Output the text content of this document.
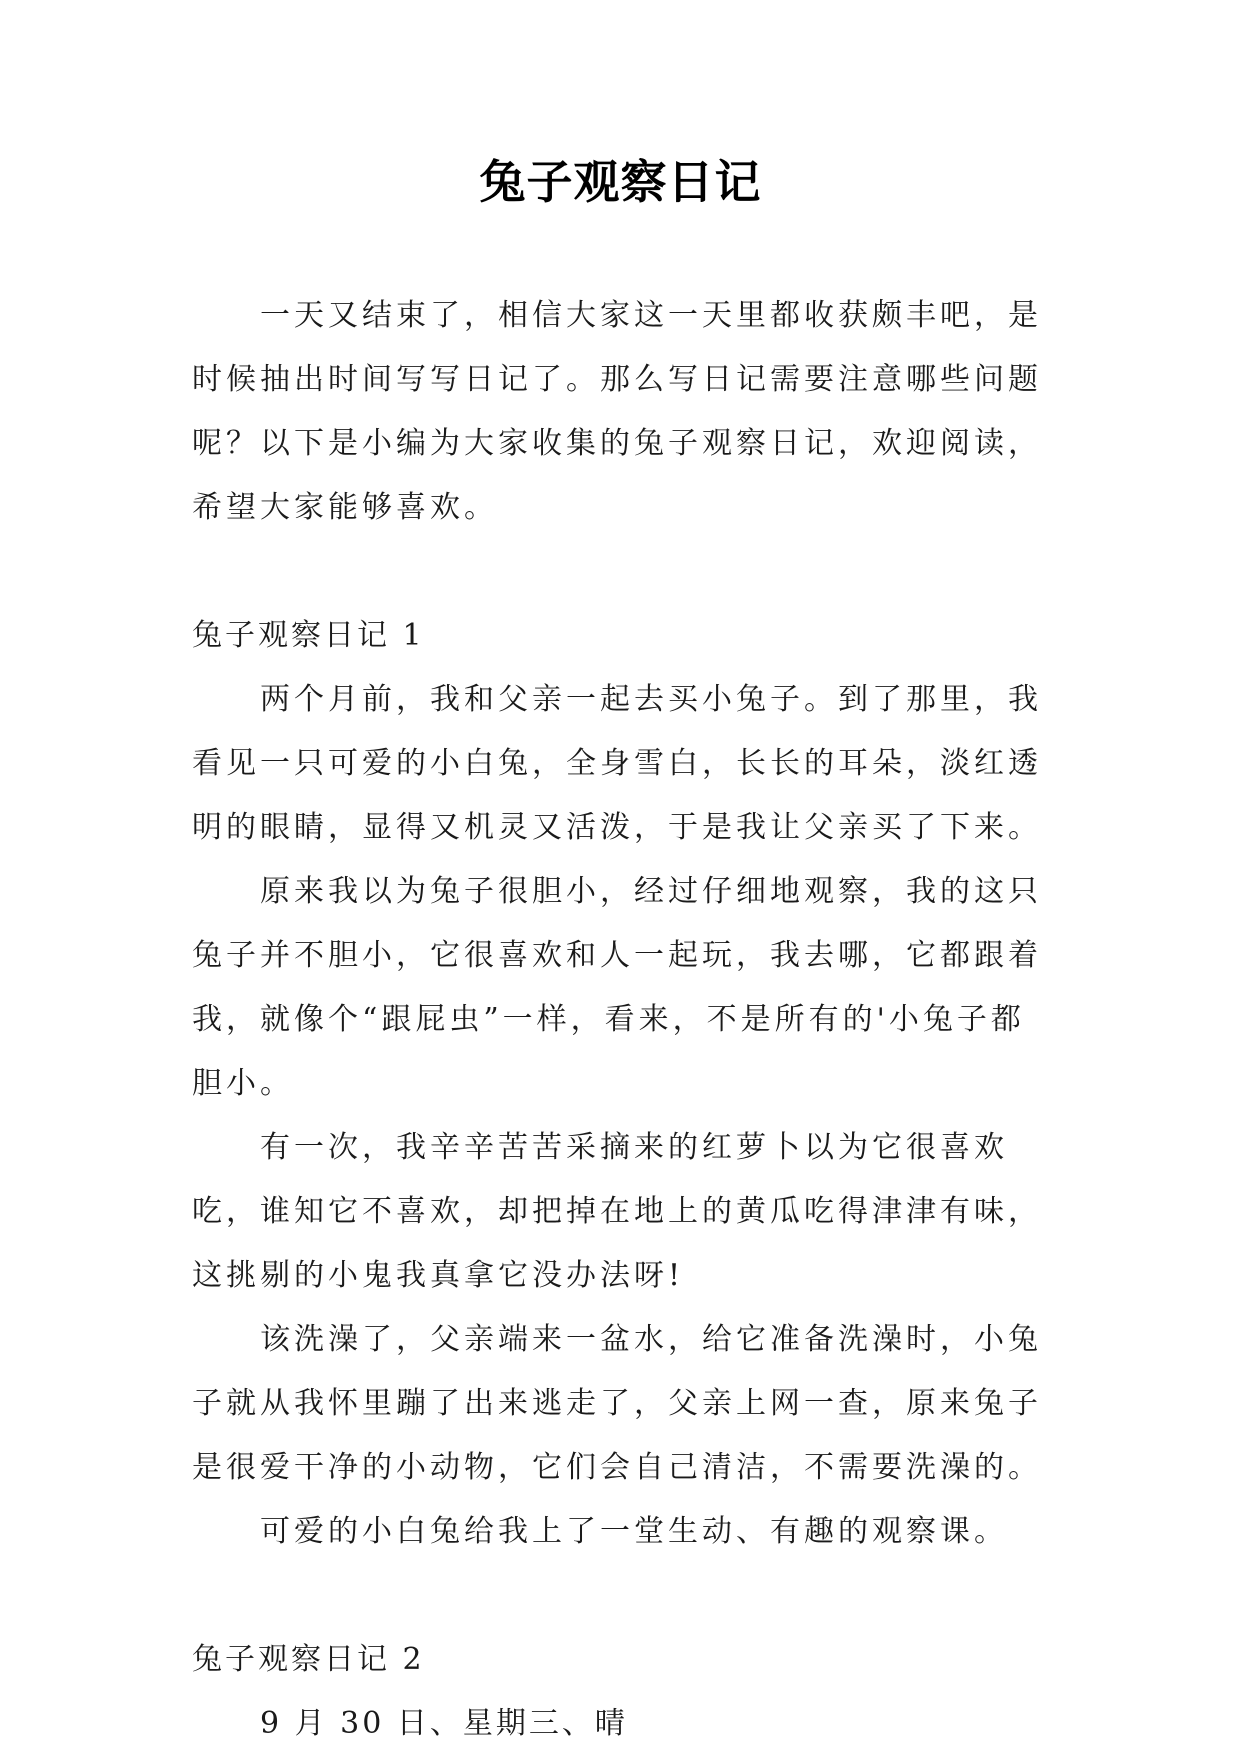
兔子观察日记

一天又结束了，相信大家这一天里都收获颇丰吧，是时候抽出时间写写日记了。那么写日记需要注意哪些问题呢？以下是小编为大家收集的兔子观察日记，欢迎阅读，希望大家能够喜欢。

兔子观察日记 1

两个月前，我和父亲一起去买小兔子。到了那里，我看见一只可爱的小白兔，全身雪白，长长的耳朵，淡红透明的眼睛，显得又机灵又活泼，于是我让父亲买了下来。

原来我以为兔子很胆小，经过仔细地观察，我的这只兔子并不胆小，它很喜欢和人一起玩，我去哪，它都跟着我，就像个“跟屁虫”一样，看来，不是所有的'小兔子都胆小。

有一次，我辛辛苦苦采摘来的红萝卜以为它很喜欢吃，谁知它不喜欢，却把掉在地上的黄瓜吃得津津有味，这挑剔的小鬼我真拿它没办法呀!

该洗澡了，父亲端来一盆水，给它准备洗澡时，小兔子就从我怀里蹦了出来逃走了，父亲上网一查，原来兔子是很爱干净的小动物，它们会自己清洁，不需要洗澡的。

可爱的小白兔给我上了一堂生动、有趣的观察课。

兔子观察日记 2

9 月 30 日、星期三、晴
